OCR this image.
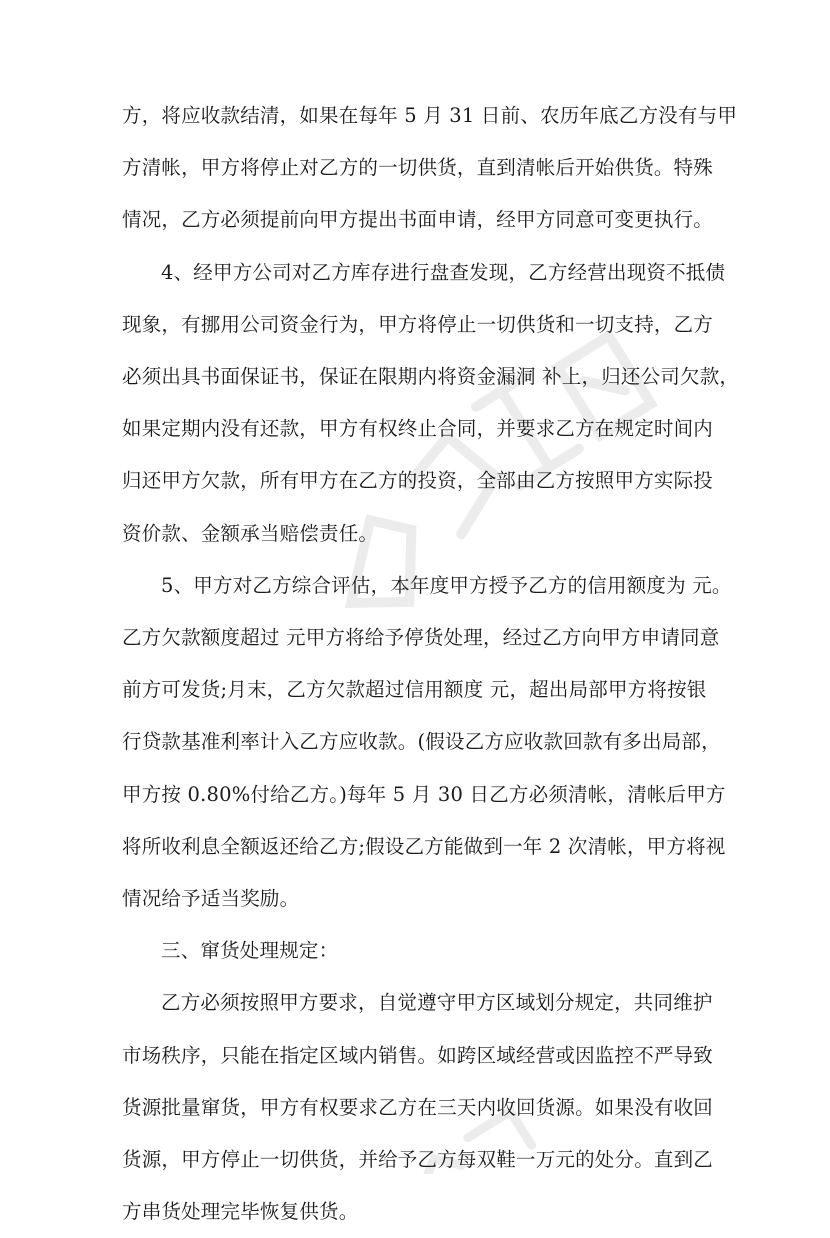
方，将应收款结清，如果在每年 5 月 31 日前、农历年底乙方没有与甲
方清帐，甲方将停止对乙方的一切供货，直到清帐后开始供货。特殊
情况，乙方必须提前向甲方提出书面申请，经甲方同意可变更执行。
4、经甲方公司对乙方库存进行盘查发现，乙方经营出现资不抵债
现象，有挪用公司资金行为，甲方将停止一切供货和一切支持，乙方
必须出具书面保证书，保证在限期内将资金漏洞 补上，归还公司欠款，
如果定期内没有还款，甲方有权终止合同，并要求乙方在规定时间内
归还甲方欠款，所有甲方在乙方的投资，全部由乙方按照甲方实际投
资价款、金额承当赔偿责任。
5、甲方对乙方综合评估，本年度甲方授予乙方的信用额度为 元。
乙方欠款额度超过 元甲方将给予停货处理，经过乙方向甲方申请同意
前方可发货;月末，乙方欠款超过信用额度 元，超出局部甲方将按银
行贷款基准利率计入乙方应收款。(假设乙方应收款回款有多出局部，
甲方按 0.80%付给乙方。)每年 5 月 30 日乙方必须清帐，清帐后甲方
将所收利息全额返还给乙方;假设乙方能做到一年 2 次清帐，甲方将视
情况给予适当奖励。
三、窜货处理规定：
乙方必须按照甲方要求，自觉遵守甲方区域划分规定，共同维护
市场秩序，只能在指定区域内销售。如跨区域经营或因监控不严导致
货源批量窜货，甲方有权要求乙方在三天内收回货源。如果没有收回
货源，甲方停止一切供货，并给予乙方每双鞋一万元的处分。直到乙
方串货处理完毕恢复供货。
